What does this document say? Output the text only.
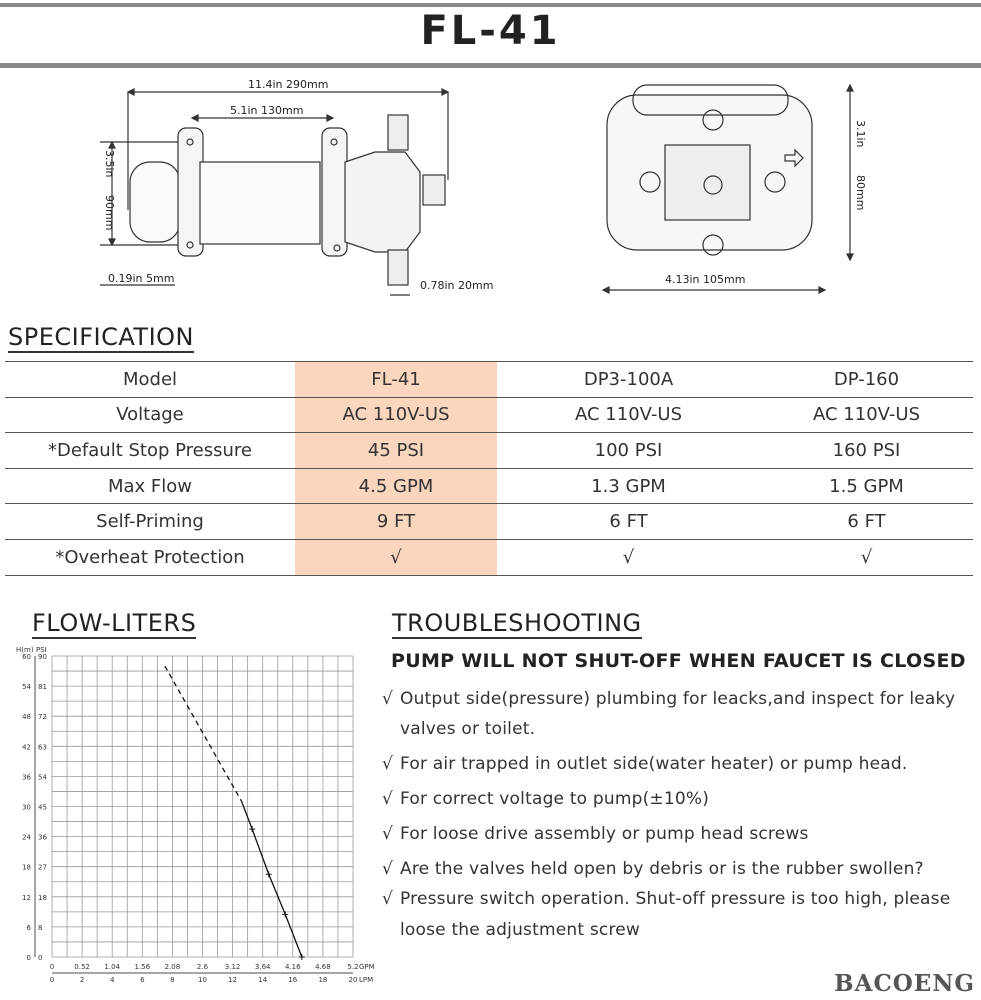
FL-41
11.4in 290mm
5.1in 130mm
3.5in
90mm
0.19in 5mm
0.78in 20mm
3.1in
80mm
4.13in 105mm
SPECIFICATION
Model	FL-41	DP3-100A	DP-160
Voltage	AC 110V-US	AC 110V-US	AC 110V-US
*Default Stop Pressure	45 PSI	100 PSI	160 PSI
Max Flow	4.5 GPM	1.3 GPM	1.5 GPM
Self-Priming	9 FT	6 FT	6 FT
*Overheat Protection	√	√	√
FLOW-LITERS
0 0
6 8
12 18
18 27
24 36
30 45
36 54
42 63
48 72
54 81
60 90
0
0
0.52
2
1.04
4
1.56
6
2.08
8
2.6
10
3.12
12
3.64
14
4.16
16
4.68
18
5.2
20
H(m) PSI
GPM
LPM
TROUBLESHOOTING
PUMP WILL NOT SHUT-OFF WHEN FAUCET IS CLOSED
√ Output side(pressure) plumbing for leacks,and inspect for leaky
valves or toilet.
√ For air trapped in outlet side(water heater) or pump head.
√ For correct voltage to pump(±10%)
√ For loose drive assembly or pump head screws
√ Are the valves held open by debris or is the rubber swollen?
√ Pressure switch operation. Shut-off pressure is too high, please
loose the adjustment screw
BACOENG
